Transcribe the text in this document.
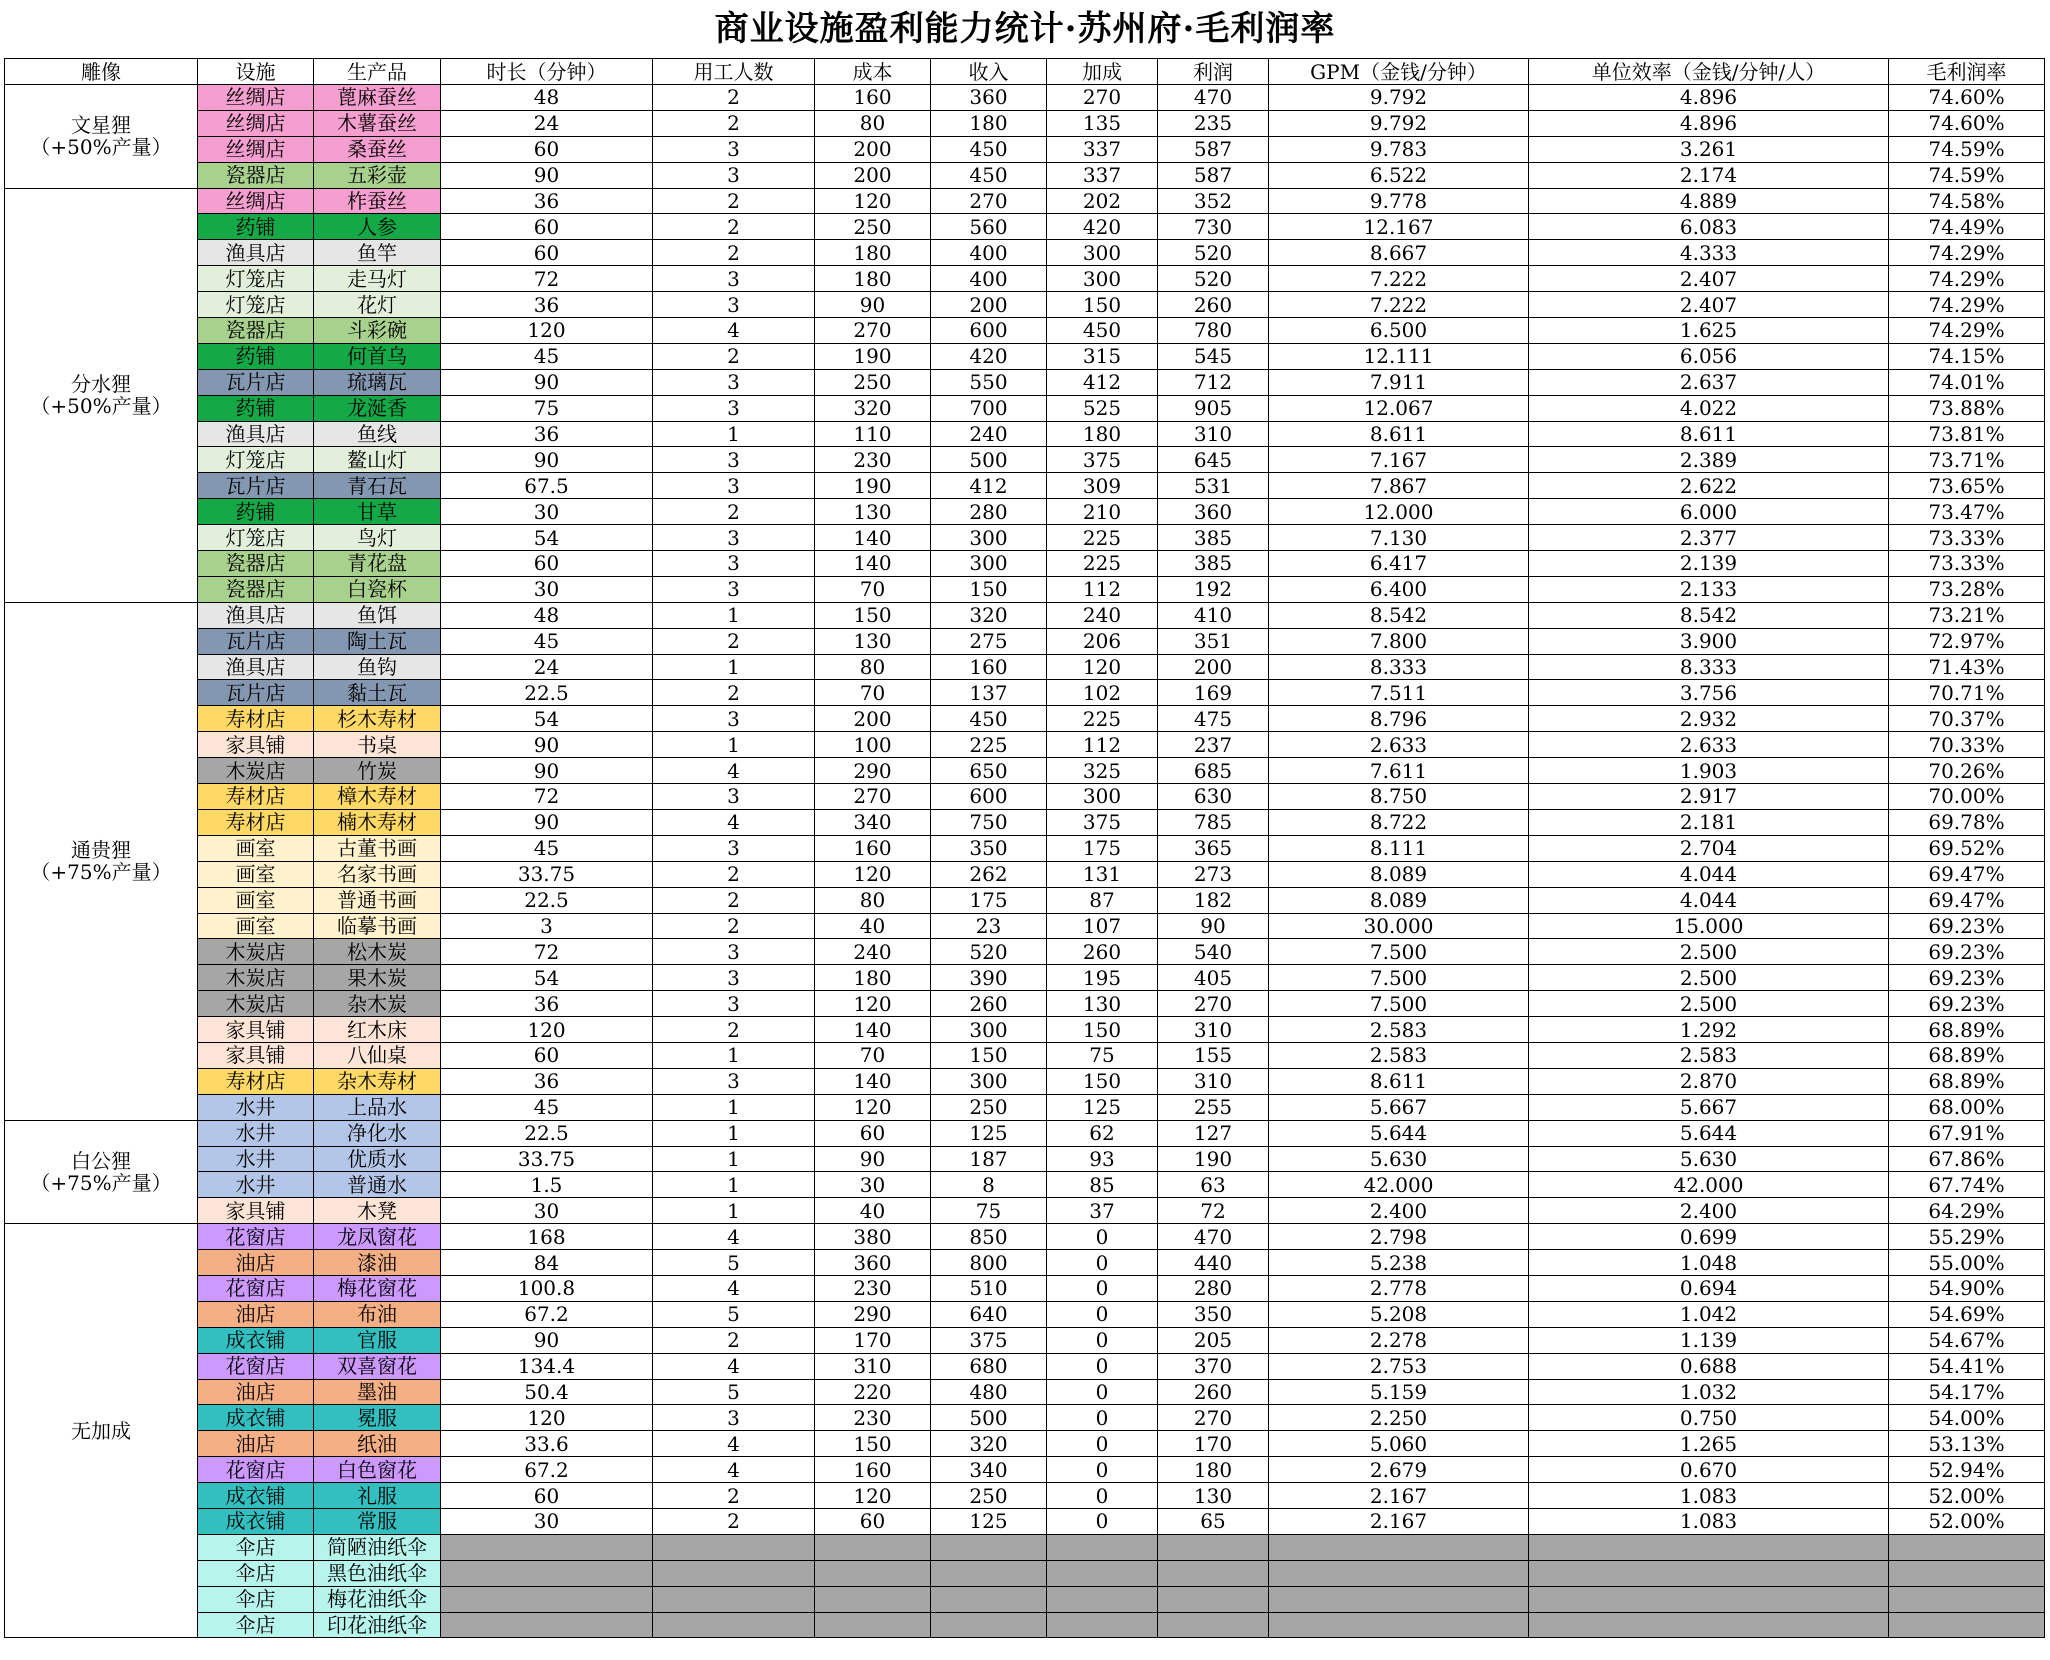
商业设施盈利能力统计·苏州府·毛利润率
雕像	设施	生产品	时长（分钟）	用工人数	成本	收入	加成	利润	GPM（金钱/分钟）	单位效率（金钱/分钟/人）	毛利润率

文星狸
（+50%产量）	丝绸店	蓖麻蚕丝	48	2	160	360	270	470	9.792	4.896	74.60%
	丝绸店	木薯蚕丝	24	2	80	180	135	235	9.792	4.896	74.60%
	丝绸店	桑蚕丝	60	3	200	450	337	587	9.783	3.261	74.59%
	瓷器店	五彩壶	90	3	200	450	337	587	6.522	2.174	74.59%

分水狸
（+50%产量）	丝绸店	柞蚕丝	36	2	120	270	202	352	9.778	4.889	74.58%
	药铺	人参	60	2	250	560	420	730	12.167	6.083	74.49%
	渔具店	鱼竿	60	2	180	400	300	520	8.667	4.333	74.29%
	灯笼店	走马灯	72	3	180	400	300	520	7.222	2.407	74.29%
	灯笼店	花灯	36	3	90	200	150	260	7.222	2.407	74.29%
	瓷器店	斗彩碗	120	4	270	600	450	780	6.500	1.625	74.29%
	药铺	何首乌	45	2	190	420	315	545	12.111	6.056	74.15%
	瓦片店	琉璃瓦	90	3	250	550	412	712	7.911	2.637	74.01%
	药铺	龙涎香	75	3	320	700	525	905	12.067	4.022	73.88%
	渔具店	鱼线	36	1	110	240	180	310	8.611	8.611	73.81%
	灯笼店	鳌山灯	90	3	230	500	375	645	7.167	2.389	73.71%
	瓦片店	青石瓦	67.5	3	190	412	309	531	7.867	2.622	73.65%
	药铺	甘草	30	2	130	280	210	360	12.000	6.000	73.47%
	灯笼店	鸟灯	54	3	140	300	225	385	7.130	2.377	73.33%
	瓷器店	青花盘	60	3	140	300	225	385	6.417	2.139	73.33%
	瓷器店	白瓷杯	30	3	70	150	112	192	6.400	2.133	73.28%

通贵狸
（+75%产量）	渔具店	鱼饵	48	1	150	320	240	410	8.542	8.542	73.21%
	瓦片店	陶土瓦	45	2	130	275	206	351	7.800	3.900	72.97%
	渔具店	鱼钩	24	1	80	160	120	200	8.333	8.333	71.43%
	瓦片店	黏土瓦	22.5	2	70	137	102	169	7.511	3.756	70.71%
	寿材店	杉木寿材	54	3	200	450	225	475	8.796	2.932	70.37%
	家具铺	书桌	90	1	100	225	112	237	2.633	2.633	70.33%
	木炭店	竹炭	90	4	290	650	325	685	7.611	1.903	70.26%
	寿材店	樟木寿材	72	3	270	600	300	630	8.750	2.917	70.00%
	寿材店	楠木寿材	90	4	340	750	375	785	8.722	2.181	69.78%
	画室	古董书画	45	3	160	350	175	365	8.111	2.704	69.52%
	画室	名家书画	33.75	2	120	262	131	273	8.089	4.044	69.47%
	画室	普通书画	22.5	2	80	175	87	182	8.089	4.044	69.47%
	画室	临摹书画	3	2	40	23	107	90	30.000	15.000	69.23%
	木炭店	松木炭	72	3	240	520	260	540	7.500	2.500	69.23%
	木炭店	果木炭	54	3	180	390	195	405	7.500	2.500	69.23%
	木炭店	杂木炭	36	3	120	260	130	270	7.500	2.500	69.23%
	家具铺	红木床	120	2	140	300	150	310	2.583	1.292	68.89%
	家具铺	八仙桌	60	1	70	150	75	155	2.583	2.583	68.89%
	寿材店	杂木寿材	36	3	140	300	150	310	8.611	2.870	68.89%
	水井	上品水	45	1	120	250	125	255	5.667	5.667	68.00%

白公狸
（+75%产量）	水井	净化水	22.5	1	60	125	62	127	5.644	5.644	67.91%
	水井	优质水	33.75	1	90	187	93	190	5.630	5.630	67.86%
	水井	普通水	1.5	1	30	8	85	63	42.000	42.000	67.74%
	家具铺	木凳	30	1	40	75	37	72	2.400	2.400	64.29%

无加成	花窗店	龙凤窗花	168	4	380	850	0	470	2.798	0.699	55.29%
	油店	漆油	84	5	360	800	0	440	5.238	1.048	55.00%
	花窗店	梅花窗花	100.8	4	230	510	0	280	2.778	0.694	54.90%
	油店	布油	67.2	5	290	640	0	350	5.208	1.042	54.69%
	成衣铺	官服	90	2	170	375	0	205	2.278	1.139	54.67%
	花窗店	双喜窗花	134.4	4	310	680	0	370	2.753	0.688	54.41%
	油店	墨油	50.4	5	220	480	0	260	5.159	1.032	54.17%
	成衣铺	冕服	120	3	230	500	0	270	2.250	0.750	54.00%
	油店	纸油	33.6	4	150	320	0	170	5.060	1.265	53.13%
	花窗店	白色窗花	67.2	4	160	340	0	180	2.679	0.670	52.94%
	成衣铺	礼服	60	2	120	250	0	130	2.167	1.083	52.00%
	成衣铺	常服	30	2	60	125	0	65	2.167	1.083	52.00%
	伞店	简陋油纸伞									
	伞店	黑色油纸伞									
	伞店	梅花油纸伞									
	伞店	印花油纸伞									
